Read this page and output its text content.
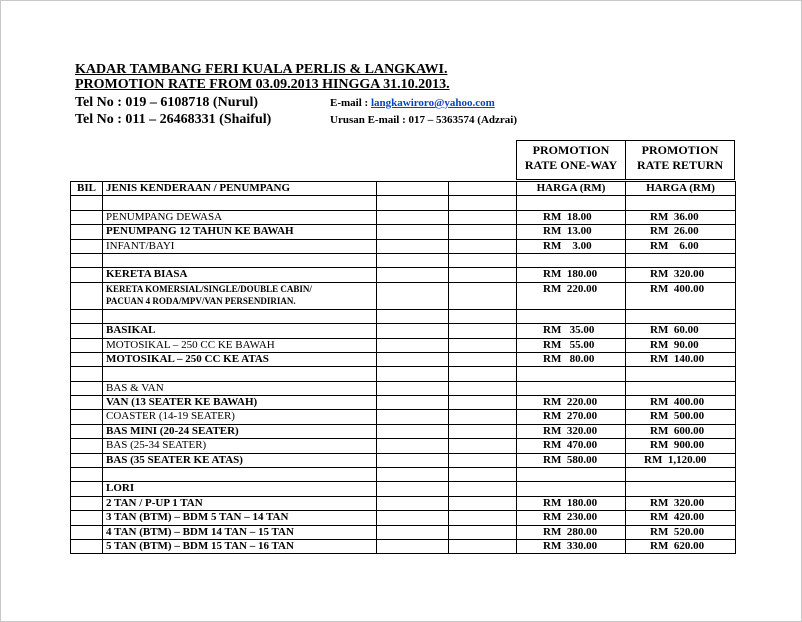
KADAR TAMBANG FERI KUALA PERLIS & LANGKAWI.
PROMOTION RATE FROM 03.09.2013 HINGGA 31.10.2013.
Tel No : 019 – 6108718 (Nurul)
Tel No : 011 – 26468331 (Shaiful)
E-mail : langkawiroro@yahoo.com
Urusan E-mail : 017 – 5363574 (Adzrai)
PROMOTION
RATE ONE-WAY
PROMOTION
RATE RETURN
BIL	JENIS KENDERAAN / PENUMPANG			HARGA (RM)	HARGA (RM)

	PENUMPANG DEWASA			RM  18.00	RM  36.00

	PENUMPANG 12 TAHUN KE BAWAH			RM  13.00	RM  26.00

	INFANT/BAYI			RM    3.00	RM    6.00

	KERETA BIASA			RM  180.00	RM  320.00

	KERETA KOMERSIAL/SINGLE/DOUBLE CABIN/
PACUAN 4 RODA/MPV/VAN PERSENDIRIAN.			RM  220.00	RM  400.00

	BASIKAL			RM   35.00	RM  60.00

	MOTOSIKAL – 250 CC KE BAWAH			RM   55.00	RM  90.00

	MOTOSIKAL – 250 CC KE ATAS			RM   80.00	RM  140.00

	BAS & VAN				

	VAN (13 SEATER KE BAWAH)			RM  220.00	RM  400.00

	COASTER (14-19 SEATER)			RM  270.00	RM  500.00

	BAS MINI (20-24 SEATER)			RM  320.00	RM  600.00

	BAS (25-34 SEATER)			RM  470.00	RM  900.00

	BAS (35 SEATER KE ATAS)			RM  580.00	RM  1,120.00

	LORI				

	2 TAN / P-UP 1 TAN			RM  180.00	RM  320.00

	3 TAN (BTM) – BDM 5 TAN – 14 TAN			RM  230.00	RM  420.00

	4 TAN (BTM) – BDM 14 TAN – 15 TAN			RM  280.00	RM  520.00

	5 TAN (BTM) – BDM 15 TAN – 16 TAN			RM  330.00	RM  620.00
